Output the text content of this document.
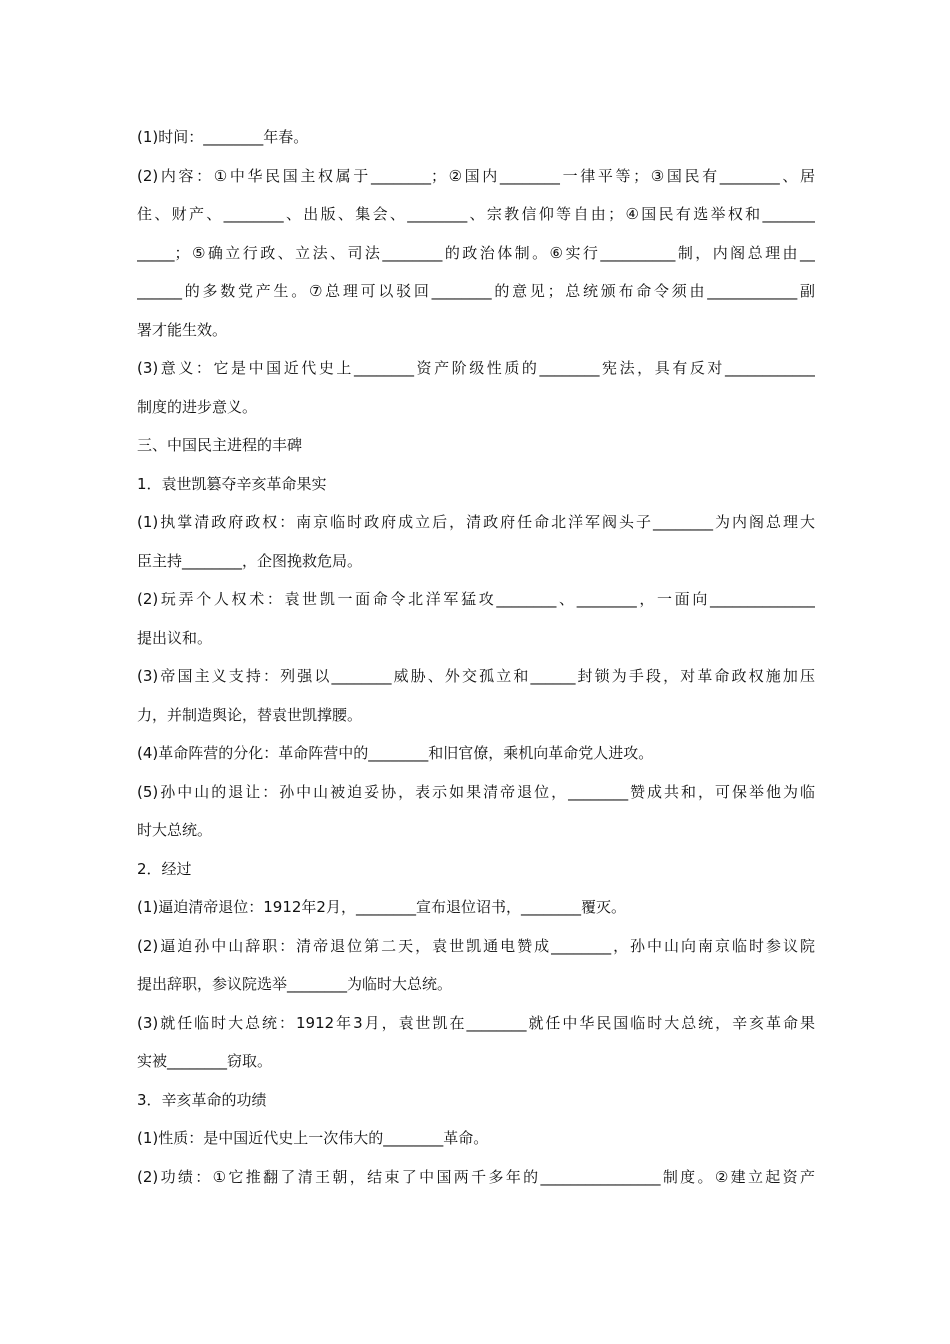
(1)时间：________年春。
(2)内容：①中华民国主权属于________；②国内________一律平等；③国民有________、居
住、财产、________、出版、集会、________、宗教信仰等自由；④国民有选举权和_______
_____；⑤确立行政、立法、司法________的政治体制。⑥实行__________制，内阁总理由__
______的多数党产生。⑦总理可以驳回________的意见；总统颁布命令须由____________副
署才能生效。
(3)意义：它是中国近代史上________资产阶级性质的________宪法，具有反对____________
制度的进步意义。
三、中国民主进程的丰碑
1．袁世凯篡夺辛亥革命果实
(1)执掌清政府政权：南京临时政府成立后，清政府任命北洋军阀头子________为内阁总理大
臣主持________，企图挽救危局。
(2)玩弄个人权术：袁世凯一面命令北洋军猛攻________、________，一面向______________
提出议和。
(3)帝国主义支持：列强以________威胁、外交孤立和______封锁为手段，对革命政权施加压
力，并制造舆论，替袁世凯撑腰。
(4)革命阵营的分化：革命阵营中的________和旧官僚，乘机向革命党人进攻。
(5)孙中山的退让：孙中山被迫妥协，表示如果清帝退位，________赞成共和，可保举他为临
时大总统。
2．经过
(1)逼迫清帝退位：1912年2月，________宣布退位诏书，________覆灭。
(2)逼迫孙中山辞职：清帝退位第二天，袁世凯通电赞成________，孙中山向南京临时参议院
提出辞职，参议院选举________为临时大总统。
(3)就任临时大总统：1912年3月，袁世凯在________就任中华民国临时大总统，辛亥革命果
实被________窃取。
3．辛亥革命的功绩
(1)性质：是中国近代史上一次伟大的________革命。
(2)功绩：①它推翻了清王朝，结束了中国两千多年的________________制度。②建立起资产
